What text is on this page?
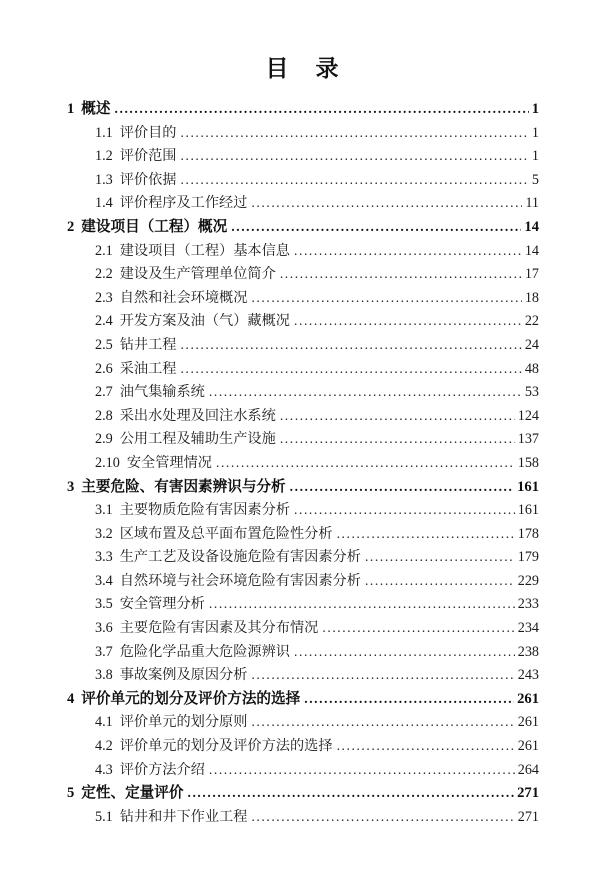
目　录
1 概述 .....	1
1.1 评价目的 .....	1
1.2 评价范围 .....	1
1.3 评价依据 .....	5
1.4 评价程序及工作经过 .....	11
2 建设项目（工程）概况 .....	14
2.1 建设项目（工程）基本信息 .....	14
2.2 建设及生产管理单位简介 .....	17
2.3 自然和社会环境概况 .....	18
2.4 开发方案及油（气）藏概况 .....	22
2.5 钻井工程 .....	24
2.6 采油工程 .....	48
2.7 油气集输系统 .....	53
2.8 采出水处理及回注水系统 .....	124
2.9 公用工程及辅助生产设施 .....	137
2.10 安全管理情况 .....	158
3 主要危险、有害因素辨识与分析 .....	161
3.1 主要物质危险有害因素分析 .....	161
3.2 区域布置及总平面布置危险性分析 .....	178
3.3 生产工艺及设备设施危险有害因素分析 .....	179
3.4 自然环境与社会环境危险有害因素分析 .....	229
3.5 安全管理分析 .....	233
3.6 主要危险有害因素及其分布情况 .....	234
3.7 危险化学品重大危险源辨识 .....	238
3.8 事故案例及原因分析 .....	243
4 评价单元的划分及评价方法的选择 .....	261
4.1 评价单元的划分原则 .....	261
4.2 评价单元的划分及评价方法的选择 .....	261
4.3 评价方法介绍 .....	264
5 定性、定量评价 .....	271
5.1 钻井和井下作业工程 .....	271
